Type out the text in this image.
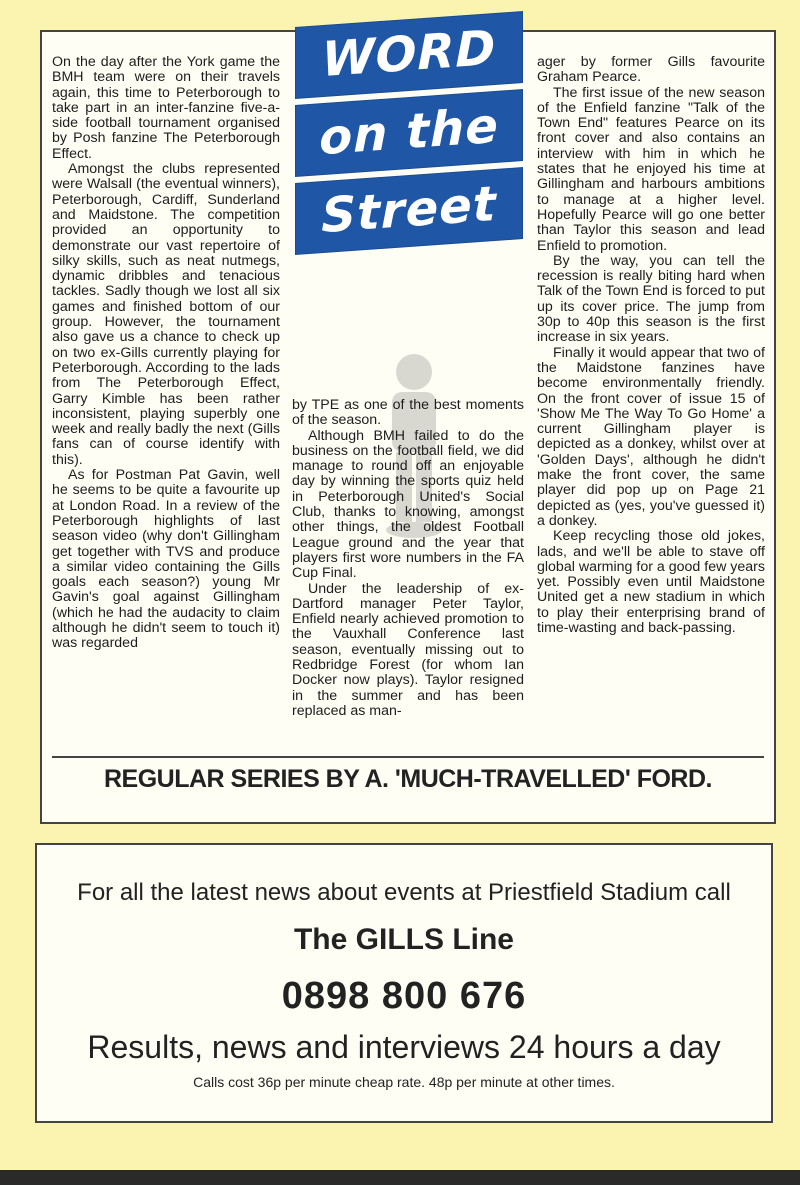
On the day after the York game the BMH team were on their travels again, this time to Peterborough to take part in an inter-fanzine five-a-side football tournament organised by Posh fanzine The Peterborough Effect.

Amongst the clubs represented were Walsall (the eventual winners), Peterborough, Cardiff, Sunderland and Maidstone. The competition provided an opportunity to demonstrate our vast repertoire of silky skills, such as neat nutmegs, dynamic dribbles and tenacious tackles. Sadly though we lost all six games and finished bottom of our group. However, the tournament also gave us a chance to check up on two ex-Gills currently playing for Peterborough. According to the lads from The Peterborough Effect, Garry Kimble has been rather inconsistent, playing superbly one week and really badly the next (Gills fans can of course identify with this).

As for Postman Pat Gavin, well he seems to be quite a favourite up at London Road. In a review of the Peterborough highlights of last season video (why don't Gillingham get together with TVS and produce a similar video containing the Gills goals each season?) young Mr Gavin's goal against Gillingham (which he had the audacity to claim although he didn't seem to touch it) was regarded

WORD
on the
Street

by TPE as one of the best moments of the season.

Although BMH failed to do the business on the football field, we did manage to round off an enjoyable day by winning the sports quiz held in Peterborough United's Social Club, thanks to knowing, amongst other things, the oldest Football League ground and the year that players first wore numbers in the FA Cup Final.

Under the leadership of ex-Dartford manager Peter Taylor, Enfield nearly achieved promotion to the Vauxhall Conference last season, eventually missing out to Redbridge Forest (for whom Ian Docker now plays). Taylor resigned in the summer and has been replaced as man-

ager by former Gills favourite Graham Pearce.

The first issue of the new season of the Enfield fanzine "Talk of the Town End" features Pearce on its front cover and also contains an interview with him in which he states that he enjoyed his time at Gillingham and harbours ambitions to manage at a higher level. Hopefully Pearce will go one better than Taylor this season and lead Enfield to promotion.

By the way, you can tell the recession is really biting hard when Talk of the Town End is forced to put up its cover price. The jump from 30p to 40p this season is the first increase in six years.

Finally it would appear that two of the Maidstone fanzines have become environmentally friendly. On the front cover of issue 15 of 'Show Me The Way To Go Home' a current Gillingham player is depicted as a donkey, whilst over at 'Golden Days', although he didn't make the front cover, the same player did pop up on Page 21 depicted as (yes, you've guessed it) a donkey.

Keep recycling those old jokes, lads, and we'll be able to stave off global warming for a good few years yet. Possibly even until Maidstone United get a new stadium in which to play their enterprising brand of time-wasting and back-passing.

REGULAR SERIES BY A. 'MUCH-TRAVELLED' FORD.
For all the latest news about events at Priestfield Stadium call
The GILLS Line
0898 800 676
Results, news and interviews 24 hours a day
Calls cost 36p per minute cheap rate. 48p per minute at other times.
